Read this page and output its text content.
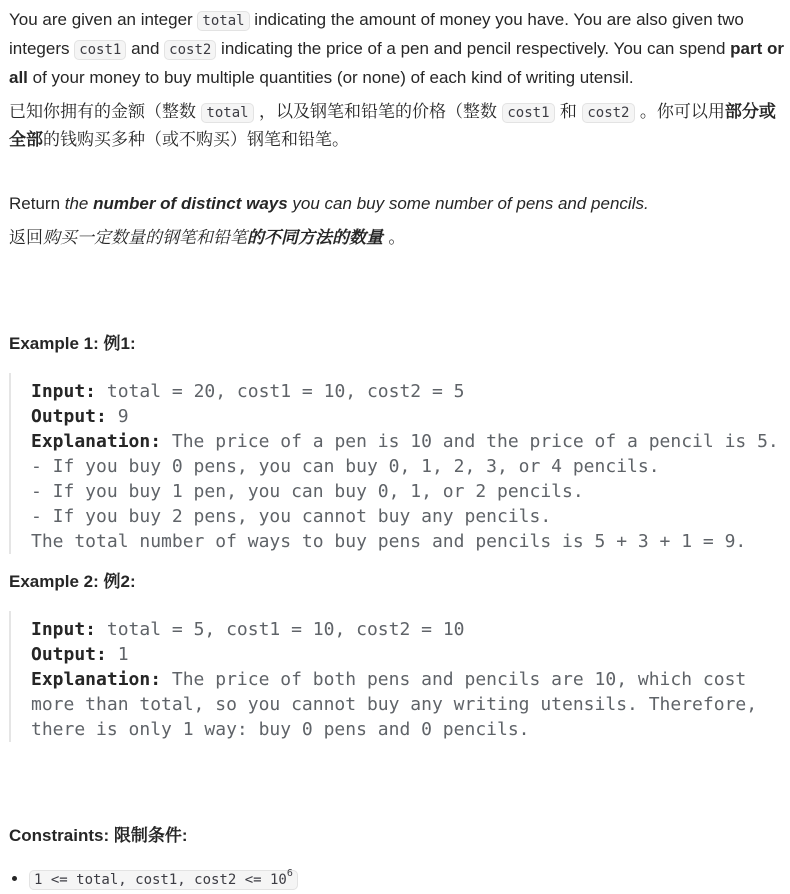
You are given an integer total indicating the amount of money you have. You are also given two integers cost1 and cost2 indicating the price of a pen and pencil respectively. You can spend part or all of your money to buy multiple quantities (or none) of each kind of writing utensil.

已知你拥有的金额（整数 total ，以及钢笔和铅笔的价格（整数 cost1 和 cost2 。你可以用部分或全部的钱购买多种（或不购买）钢笔和铅笔。

Return the number of distinct ways you can buy some number of pens and pencils.

返回购买一定数量的钢笔和铅笔的不同方法的数量 。

Example 1: 例1:
Input: total = 20, cost1 = 10, cost2 = 5
Output: 9
Explanation: The price of a pen is 10 and the price of a pencil is 5.
- If you buy 0 pens, you can buy 0, 1, 2, 3, or 4 pencils.
- If you buy 1 pen, you can buy 0, 1, or 2 pencils.
- If you buy 2 pens, you cannot buy any pencils.
The total number of ways to buy pens and pencils is 5 + 3 + 1 = 9.
Example 2: 例2:
Input: total = 5, cost1 = 10, cost2 = 10
Output: 1
Explanation: The price of both pens and pencils are 10, which cost more than total, so you cannot buy any writing utensils. Therefore, there is only 1 way: buy 0 pens and 0 pencils.
Constraints: 限制条件:
• 1 <= total, cost1, $\cos t2 <= 10^6$
